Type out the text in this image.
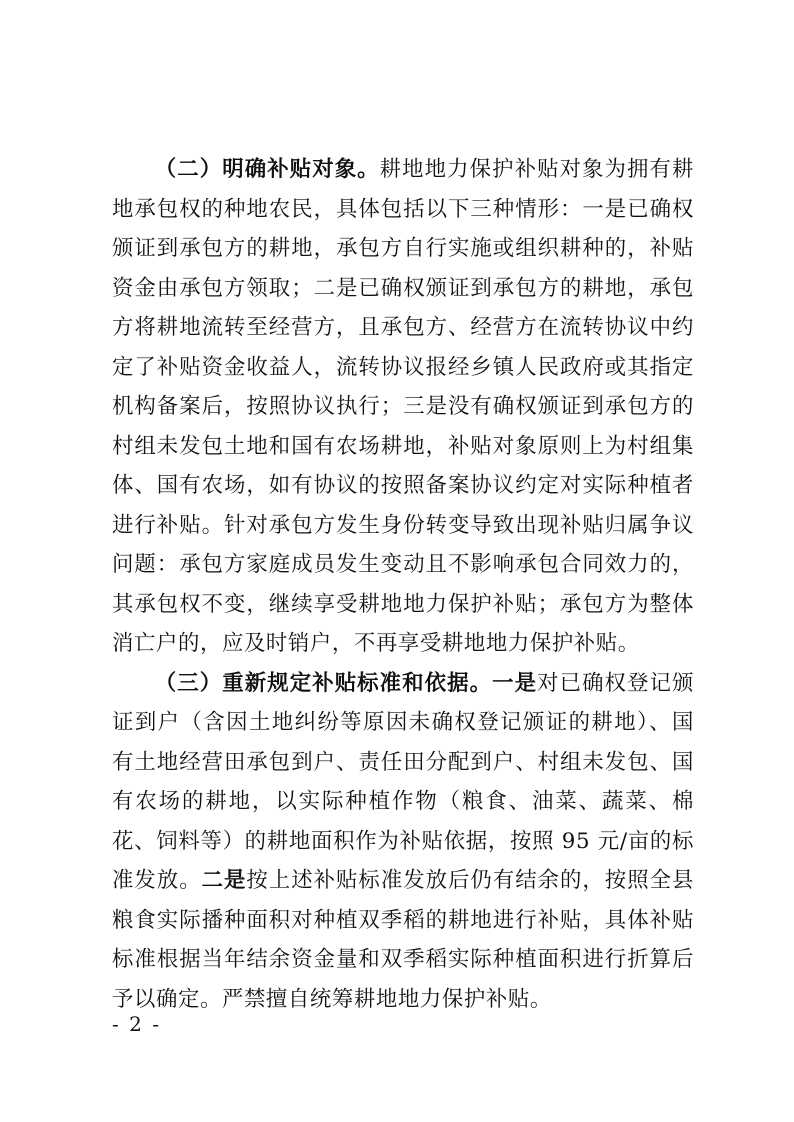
（二）明确补贴对象。耕地地力保护补贴对象为拥有耕地承包权的种地农民，具体包括以下三种情形：一是已确权颁证到承包方的耕地，承包方自行实施或组织耕种的，补贴资金由承包方领取；二是已确权颁证到承包方的耕地，承包方将耕地流转至经营方，且承包方、经营方在流转协议中约定了补贴资金收益人，流转协议报经乡镇人民政府或其指定机构备案后，按照协议执行；三是没有确权颁证到承包方的村组未发包土地和国有农场耕地，补贴对象原则上为村组集体、国有农场，如有协议的按照备案协议约定对实际种植者进行补贴。针对承包方发生身份转变导致出现补贴归属争议问题：承包方家庭成员发生变动且不影响承包合同效力的，其承包权不变，继续享受耕地地力保护补贴；承包方为整体消亡户的，应及时销户，不再享受耕地地力保护补贴。

（三）重新规定补贴标准和依据。一是对已确权登记颁证到户（含因土地纠纷等原因未确权登记颁证的耕地）、国有土地经营田承包到户、责任田分配到户、村组未发包、国有农场的耕地，以实际种植作物（粮食、油菜、蔬菜、棉花、饲料等）的耕地面积作为补贴依据，按照 95 元/亩的标准发放。二是按上述补贴标准发放后仍有结余的，按照全县粮食实际播种面积对种植双季稻的耕地进行补贴，具体补贴标准根据当年结余资金量和双季稻实际种植面积进行折算后予以确定。严禁擅自统筹耕地地力保护补贴。

- 2 -
